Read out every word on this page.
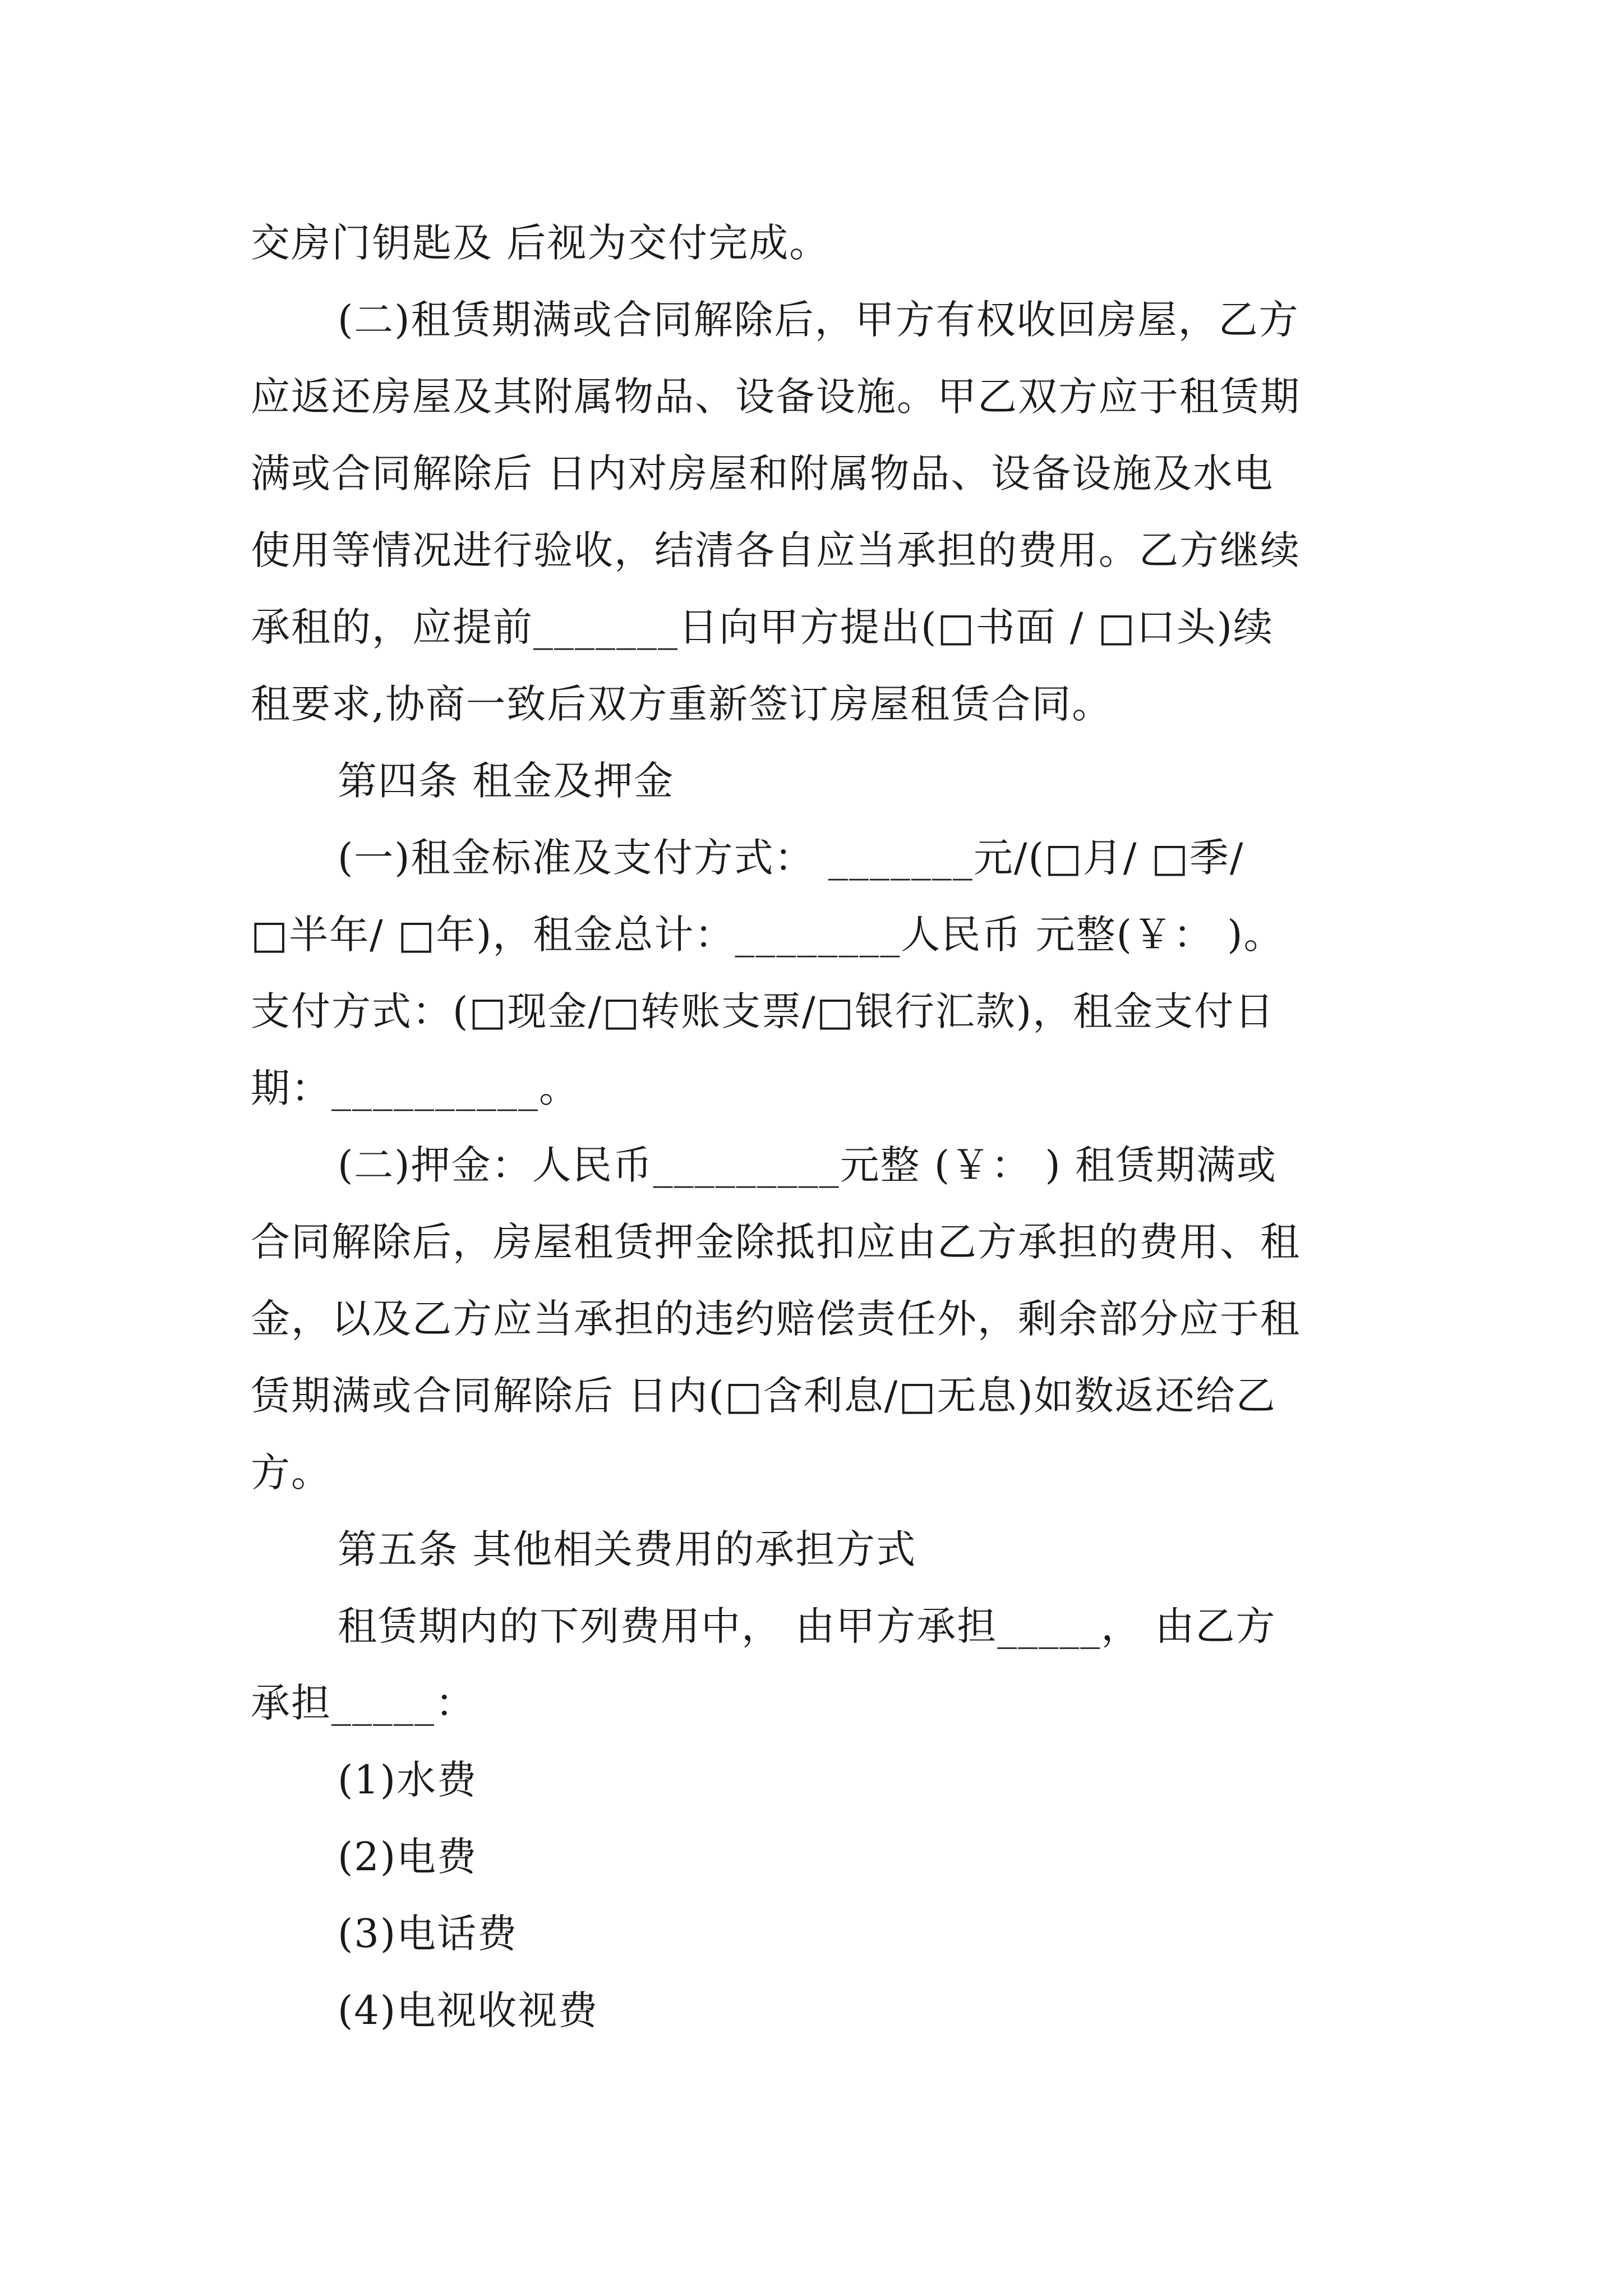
交房门钥匙及 后视为交付完成。

(二)租赁期满或合同解除后，甲方有权收回房屋，乙方

应返还房屋及其附属物品、设备设施。甲乙双方应于租赁期

满或合同解除后 日内对房屋和附属物品、设备设施及水电

使用等情况进行验收，结清各自应当承担的费用。乙方继续

承租的，应提前_______日向甲方提出(□书面 / □口头)续

租要求,协商一致后双方重新签订房屋租赁合同。

第四条 租金及押金

(一)租金标准及支付方式： _______元/(□月/ □季/

□半年/ □年)，租金总计：________人民币 元整(￥： )。

支付方式：(□现金/□转账支票/□银行汇款)，租金支付日

期：__________。

(二)押金：人民币_________元整 (￥： ) 租赁期满或

合同解除后，房屋租赁押金除抵扣应由乙方承担的费用、租

金，以及乙方应当承担的违约赔偿责任外，剩余部分应于租

赁期满或合同解除后 日内(□含利息/□无息)如数返还给乙

方。

第五条 其他相关费用的承担方式

租赁期内的下列费用中， 由甲方承担_____， 由乙方

承担_____：

(1)水费

(2)电费

(3)电话费

(4)电视收视费
